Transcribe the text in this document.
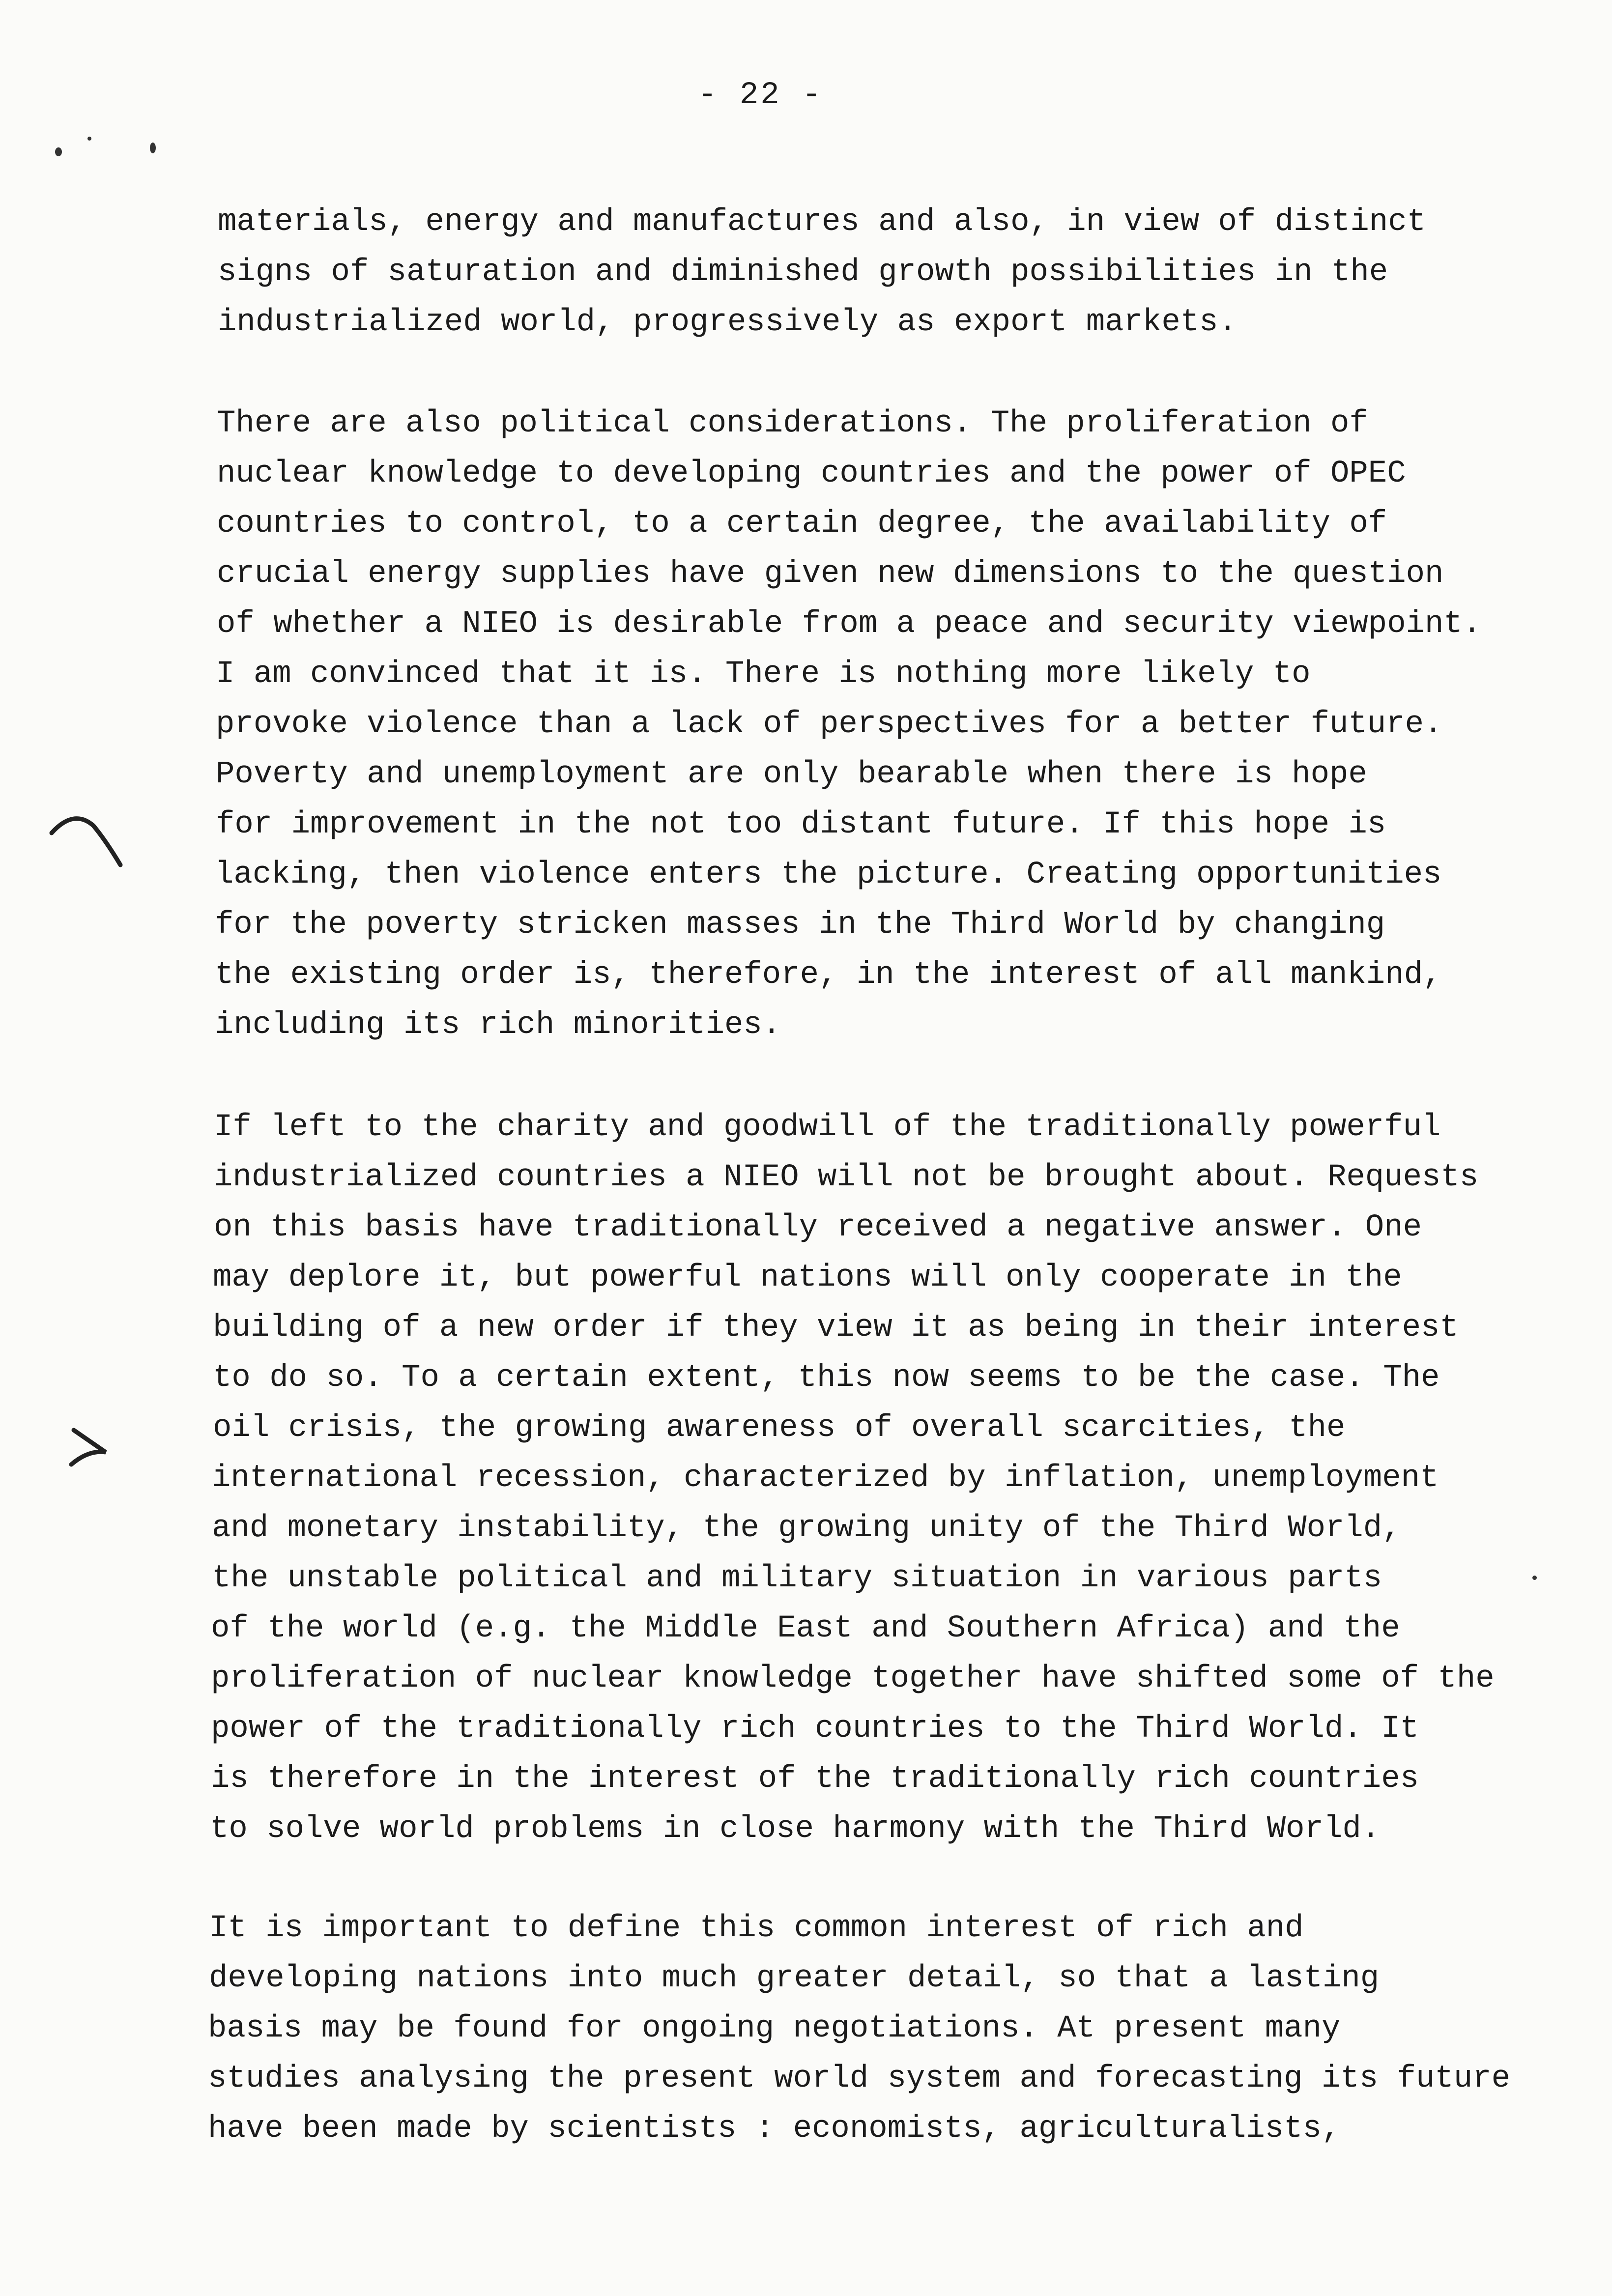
- 22 -
materials, energy and manufactures and also, in view of distinct
signs of saturation and diminished growth possibilities in the
industrialized world, progressively as export markets.
There are also political considerations. The proliferation of
nuclear knowledge to developing countries and the power of OPEC
countries to control, to a certain degree, the availability of
crucial energy supplies have given new dimensions to the question
of whether a NIEO is desirable from a peace and security viewpoint.
I am convinced that it is. There is nothing more likely to
provoke violence than a lack of perspectives for a better future.
Poverty and unemployment are only bearable when there is hope
for improvement in the not too distant future. If this hope is
lacking, then violence enters the picture. Creating opportunities
for the poverty stricken masses in the Third World by changing
the existing order is, therefore, in the interest of all mankind,
including its rich minorities.
If left to the charity and goodwill of the traditionally powerful
industrialized countries a NIEO will not be brought about. Requests
on this basis have traditionally received a negative answer. One
may deplore it, but powerful nations will only cooperate in the
building of a new order if they view it as being in their interest
to do so. To a certain extent, this now seems to be the case. The
oil crisis, the growing awareness of overall scarcities, the
international recession, characterized by inflation, unemployment
and monetary instability, the growing unity of the Third World,
the unstable political and military situation in various parts
of the world (e.g. the Middle East and Southern Africa) and the
proliferation of nuclear knowledge together have shifted some of the
power of the traditionally rich countries to the Third World. It
is therefore in the interest of the traditionally rich countries
to solve world problems in close harmony with the Third World.
It is important to define this common interest of rich and
developing nations into much greater detail, so that a lasting
basis may be found for ongoing negotiations. At present many
studies analysing the present world system and forecasting its future
have been made by scientists : economists, agriculturalists,
